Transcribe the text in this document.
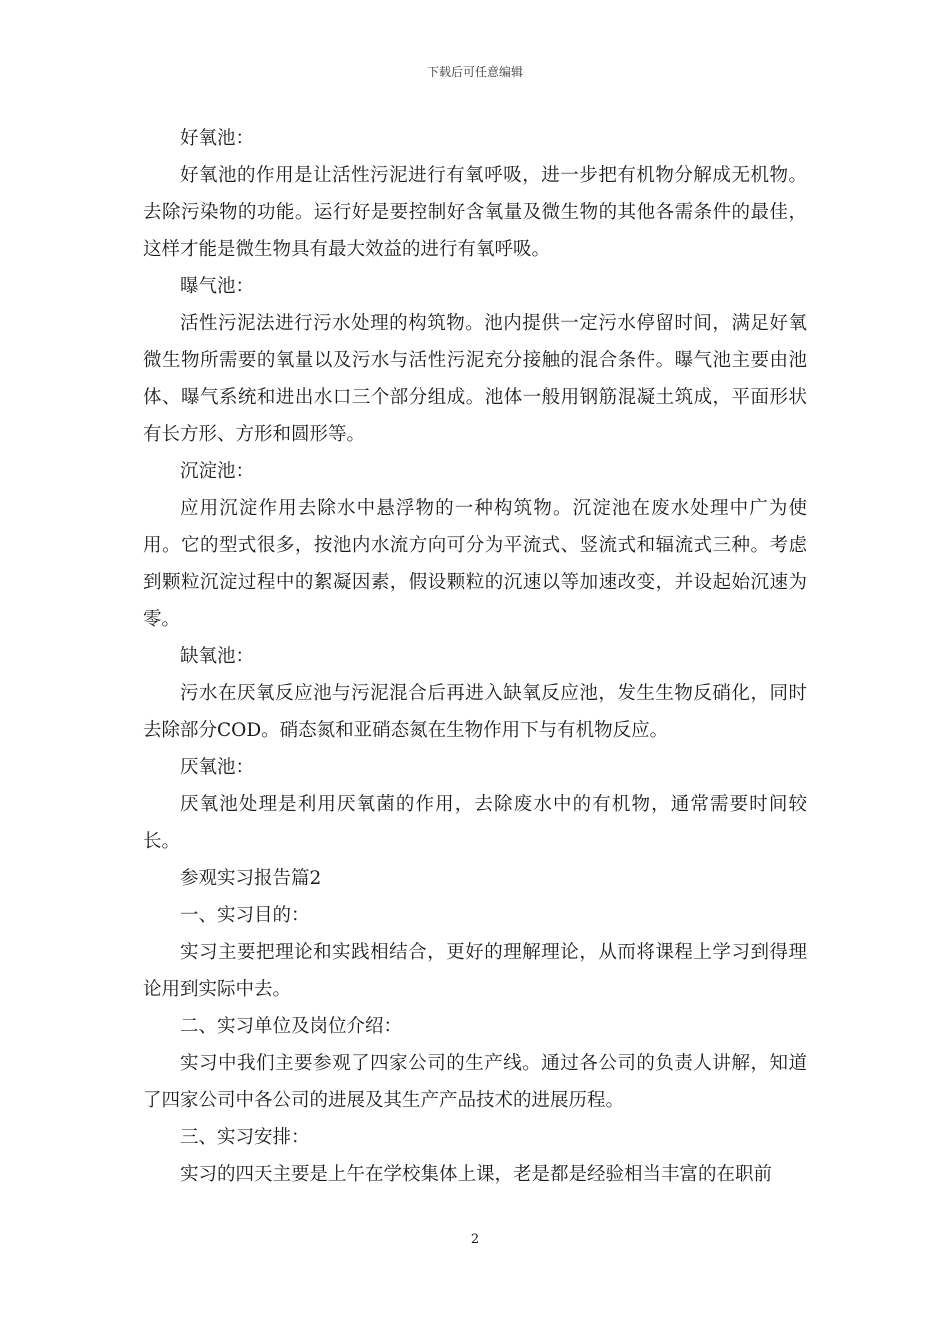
下载后可任意编辑

好氧池：

好氧池的作用是让活性污泥进行有氧呼吸，进一步把有机物分解成无机物。去除污染物的功能。运行好是要控制好含氧量及微生物的其他各需条件的最佳，这样才能是微生物具有最大效益的进行有氧呼吸。

曝气池：

活性污泥法进行污水处理的构筑物。池内提供一定污水停留时间，满足好氧微生物所需要的氧量以及污水与活性污泥充分接触的混合条件。曝气池主要由池体、曝气系统和进出水口三个部分组成。池体一般用钢筋混凝土筑成，平面形状有长方形、方形和圆形等。

沉淀池：

应用沉淀作用去除水中悬浮物的一种构筑物。沉淀池在废水处理中广为使用。它的型式很多，按池内水流方向可分为平流式、竖流式和辐流式三种。考虑到颗粒沉淀过程中的絮凝因素，假设颗粒的沉速以等加速改变，并设起始沉速为零。

缺氧池：

污水在厌氧反应池与污泥混合后再进入缺氧反应池，发生生物反硝化，同时去除部分COD。硝态氮和亚硝态氮在生物作用下与有机物反应。

厌氧池：

厌氧池处理是利用厌氧菌的作用，去除废水中的有机物，通常需要时间较长。

参观实习报告篇2

一、实习目的：

实习主要把理论和实践相结合，更好的理解理论，从而将课程上学习到得理论用到实际中去。

二、实习单位及岗位介绍：

实习中我们主要参观了四家公司的生产线。通过各公司的负责人讲解，知道了四家公司中各公司的进展及其生产产品技术的进展历程。

三、实习安排：

实习的四天主要是上午在学校集体上课，老是都是经验相当丰富的在职前

2
